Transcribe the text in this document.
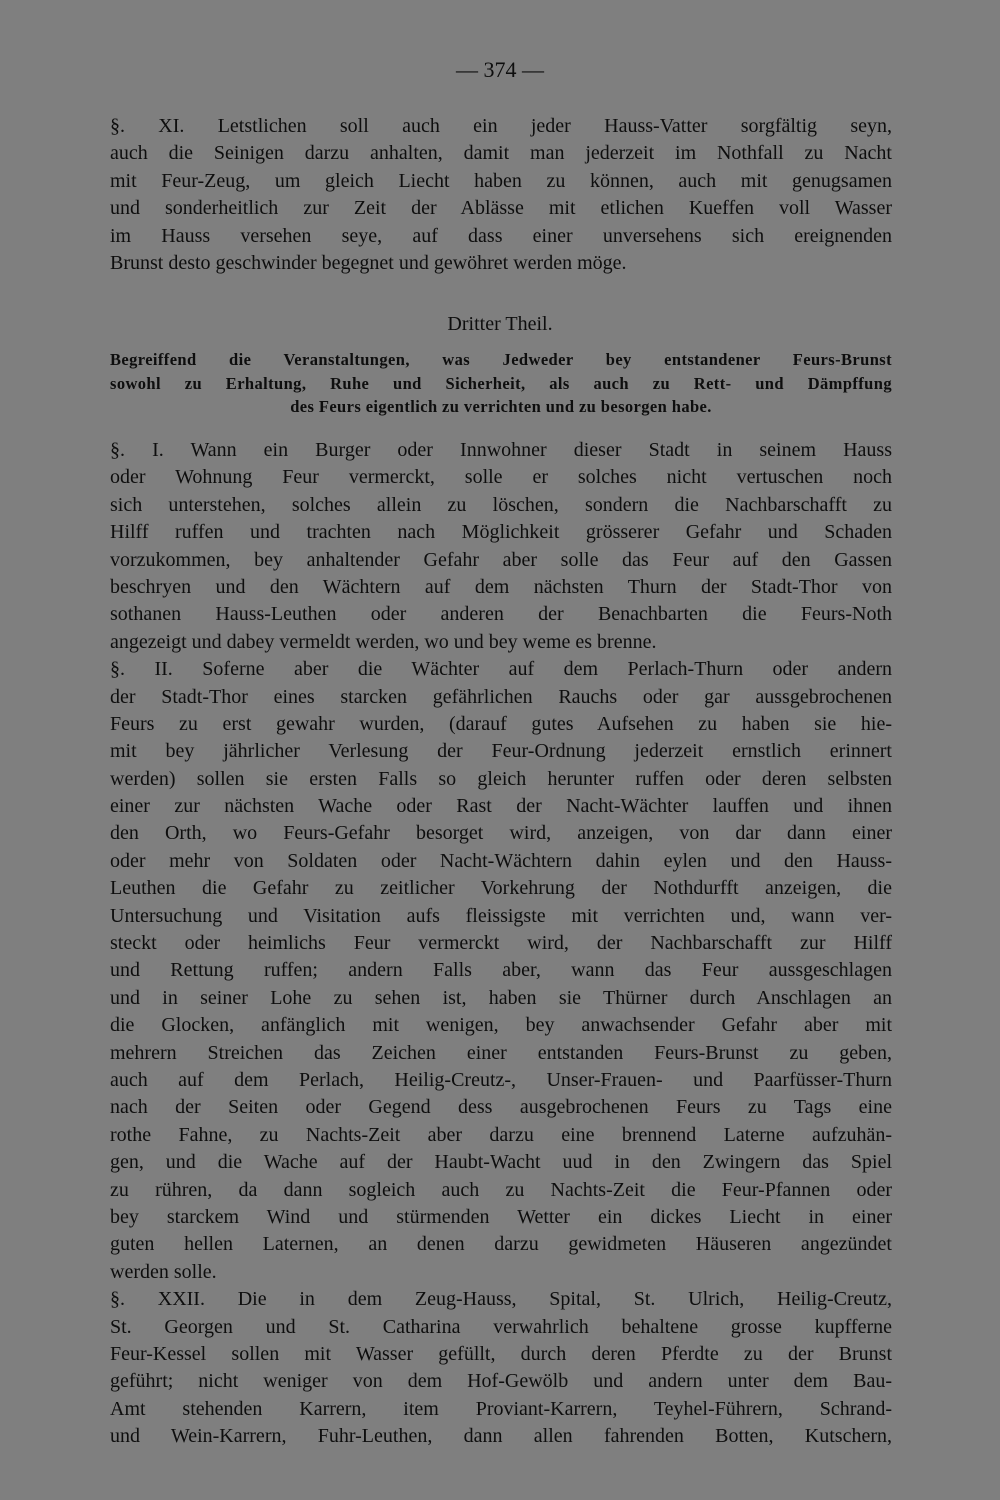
— 374 —
§. XI. Letstlichen soll auch ein jeder Hauss-Vatter sorgfältig seyn,
auch die Seinigen darzu anhalten, damit man jederzeit im Nothfall zu Nacht
mit Feur-Zeug, um gleich Liecht haben zu können, auch mit genugsamen
und sonderheitlich zur Zeit der Ablässe mit etlichen Kueffen voll Wasser
im Hauss versehen seye, auf dass einer unversehens sich ereignenden
Brunst desto geschwinder begegnet und gewöhret werden möge.
Dritter Theil.
Begreiffend die Veranstaltungen, was Jedweder bey entstandener Feurs-Brunst
sowohl zu Erhaltung, Ruhe und Sicherheit, als auch zu Rett- und Dämpffung
des Feurs eigentlich zu verrichten und zu besorgen habe.
§. I. Wann ein Burger oder Innwohner dieser Stadt in seinem Hauss
oder Wohnung Feur vermerckt, solle er solches nicht vertuschen noch
sich unterstehen, solches allein zu löschen, sondern die Nachbarschafft zu
Hilff ruffen und trachten nach Möglichkeit grösserer Gefahr und Schaden
vorzukommen, bey anhaltender Gefahr aber solle das Feur auf den Gassen
beschryen und den Wächtern auf dem nächsten Thurn der Stadt-Thor von
sothanen Hauss-Leuthen oder anderen der Benachbarten die Feurs-Noth
angezeigt und dabey vermeldt werden, wo und bey weme es brenne.
§. II. Soferne aber die Wächter auf dem Perlach-Thurn oder andern
der Stadt-Thor eines starcken gefährlichen Rauchs oder gar aussgebrochenen
Feurs zu erst gewahr wurden, (darauf gutes Aufsehen zu haben sie hie-
mit bey jährlicher Verlesung der Feur-Ordnung jederzeit ernstlich erinnert
werden) sollen sie ersten Falls so gleich herunter ruffen oder deren selbsten
einer zur nächsten Wache oder Rast der Nacht-Wächter lauffen und ihnen
den Orth, wo Feurs-Gefahr besorget wird, anzeigen, von dar dann einer
oder mehr von Soldaten oder Nacht-Wächtern dahin eylen und den Hauss-
Leuthen die Gefahr zu zeitlicher Vorkehrung der Nothdurfft anzeigen, die
Untersuchung und Visitation aufs fleissigste mit verrichten und, wann ver-
steckt oder heimlichs Feur vermerckt wird, der Nachbarschafft zur Hilff
und Rettung ruffen; andern Falls aber, wann das Feur aussgeschlagen
und in seiner Lohe zu sehen ist, haben sie Thürner durch Anschlagen an
die Glocken, anfänglich mit wenigen, bey anwachsender Gefahr aber mit
mehrern Streichen das Zeichen einer entstanden Feurs-Brunst zu geben,
auch auf dem Perlach, Heilig-Creutz-, Unser-Frauen- und Paarfüsser-Thurn
nach der Seiten oder Gegend dess ausgebrochenen Feurs zu Tags eine
rothe Fahne, zu Nachts-Zeit aber darzu eine brennend Laterne aufzuhän-
gen, und die Wache auf der Haubt-Wacht uud in den Zwingern das Spiel
zu rühren, da dann sogleich auch zu Nachts-Zeit die Feur-Pfannen oder
bey starckem Wind und stürmenden Wetter ein dickes Liecht in einer
guten hellen Laternen, an denen darzu gewidmeten Häuseren angezündet
werden solle.
§. XXII. Die in dem Zeug-Hauss, Spital, St. Ulrich, Heilig-Creutz,
St. Georgen und St. Catharina verwahrlich behaltene grosse kupfferne
Feur-Kessel sollen mit Wasser gefüllt, durch deren Pferdte zu der Brunst
geführt; nicht weniger von dem Hof-Gewölb und andern unter dem Bau-
Amt stehenden Karrern, item Proviant-Karrern, Teyhel-Führern, Schrand-
und Wein-Karrern, Fuhr-Leuthen, dann allen fahrenden Botten, Kutschern,
